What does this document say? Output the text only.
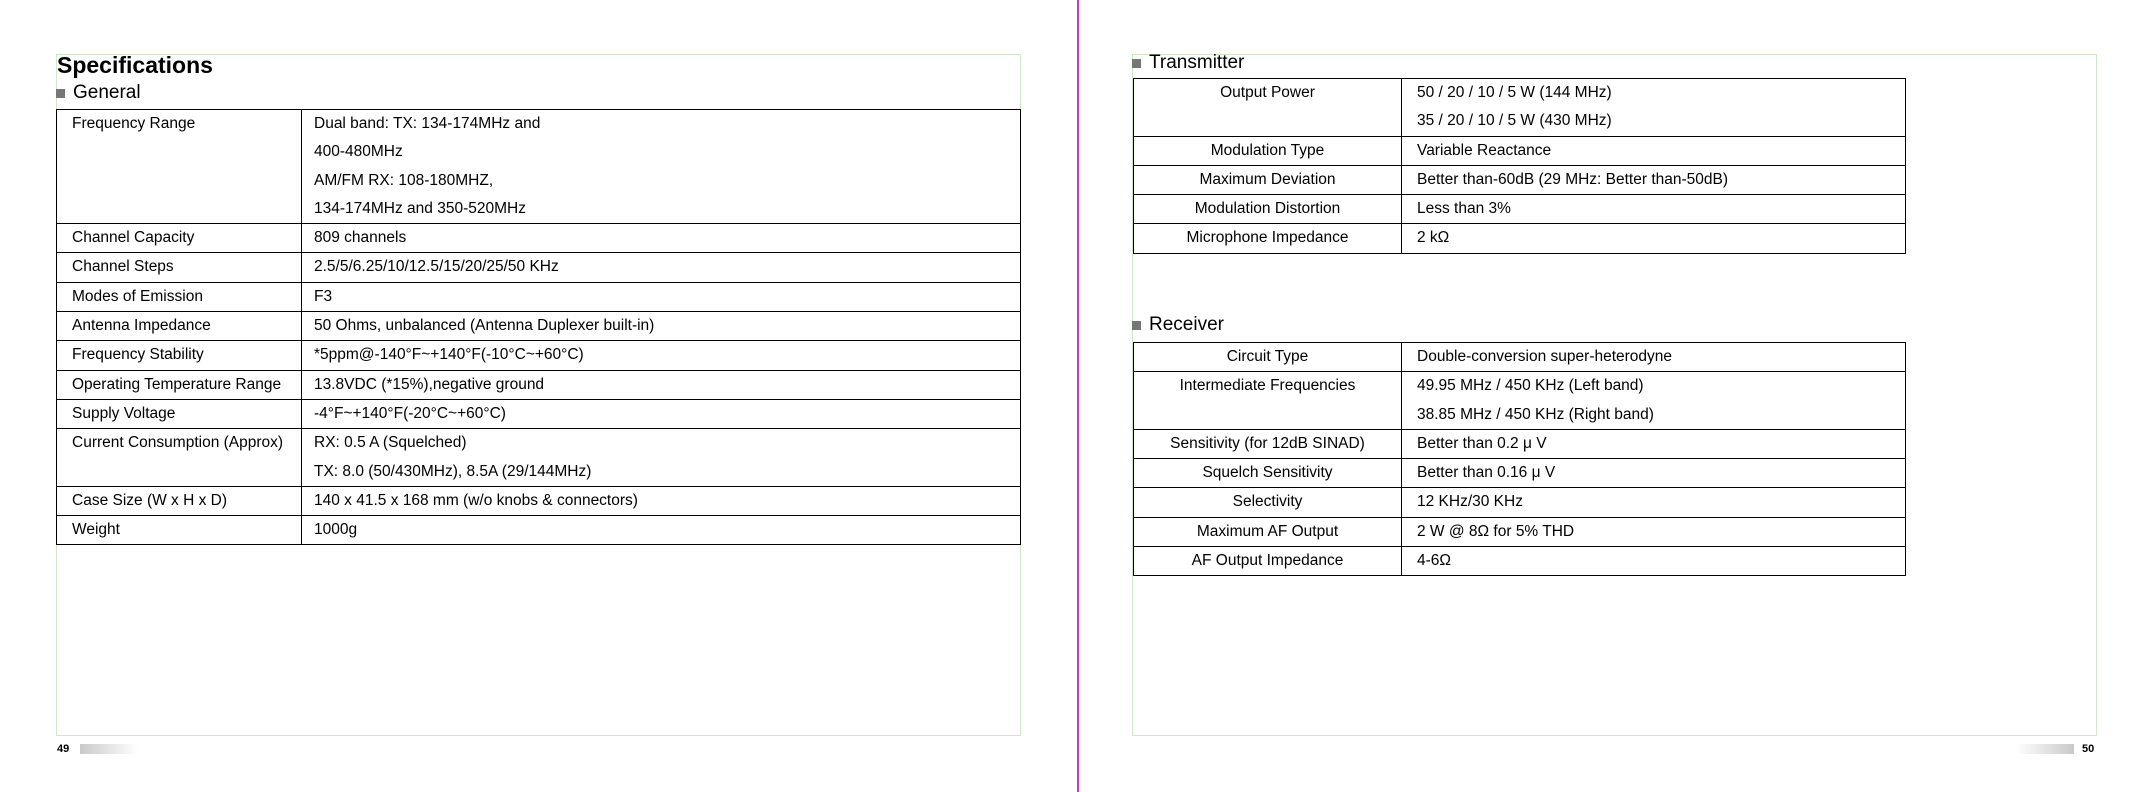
Specifications
General
Frequency Range	Dual band: TX: 134-174MHz and
400-480MHz
AM/FM RX: 108-180MHZ,
134-174MHz and 350-520MHz

Channel Capacity	809 channels

Channel Steps	2.5/5/6.25/10/12.5/15/20/25/50 KHz

Modes of Emission	F3

Antenna Impedance	50 Ohms, unbalanced (Antenna Duplexer built-in)

Frequency Stability	*5ppm@-140°F~+140°F(-10°C~+60°C)

Operating Temperature Range	13.8VDC (*15%),negative ground

Supply Voltage	-4°F~+140°F(-20°C~+60°C)

Current Consumption (Approx)	RX: 0.5 A (Squelched)
TX: 8.0 (50/430MHz), 8.5A (29/144MHz)

Case Size (W x H x D)	140 x 41.5 x 168 mm (w/o knobs & connectors)

Weight	1000g
Transmitter
Output Power	50 / 20 / 10 / 5 W (144 MHz)
35 / 20 / 10 / 5 W (430 MHz)

Modulation Type	Variable Reactance

Maximum Deviation	Better than-60dB (29 MHz: Better than-50dB)

Modulation Distortion	Less than 3%

Microphone Impedance	2 kΩ
Receiver
Circuit Type	Double-conversion super-heterodyne

Intermediate Frequencies	49.95 MHz / 450 KHz (Left band)
38.85 MHz / 450 KHz (Right band)

Sensitivity (for 12dB SINAD)	Better than 0.2 μ V

Squelch Sensitivity	Better than 0.16 μ V

Selectivity	12 KHz/30 KHz

Maximum AF Output	2 W @ 8Ω for 5% THD

AF Output Impedance	4-6Ω
49	50
